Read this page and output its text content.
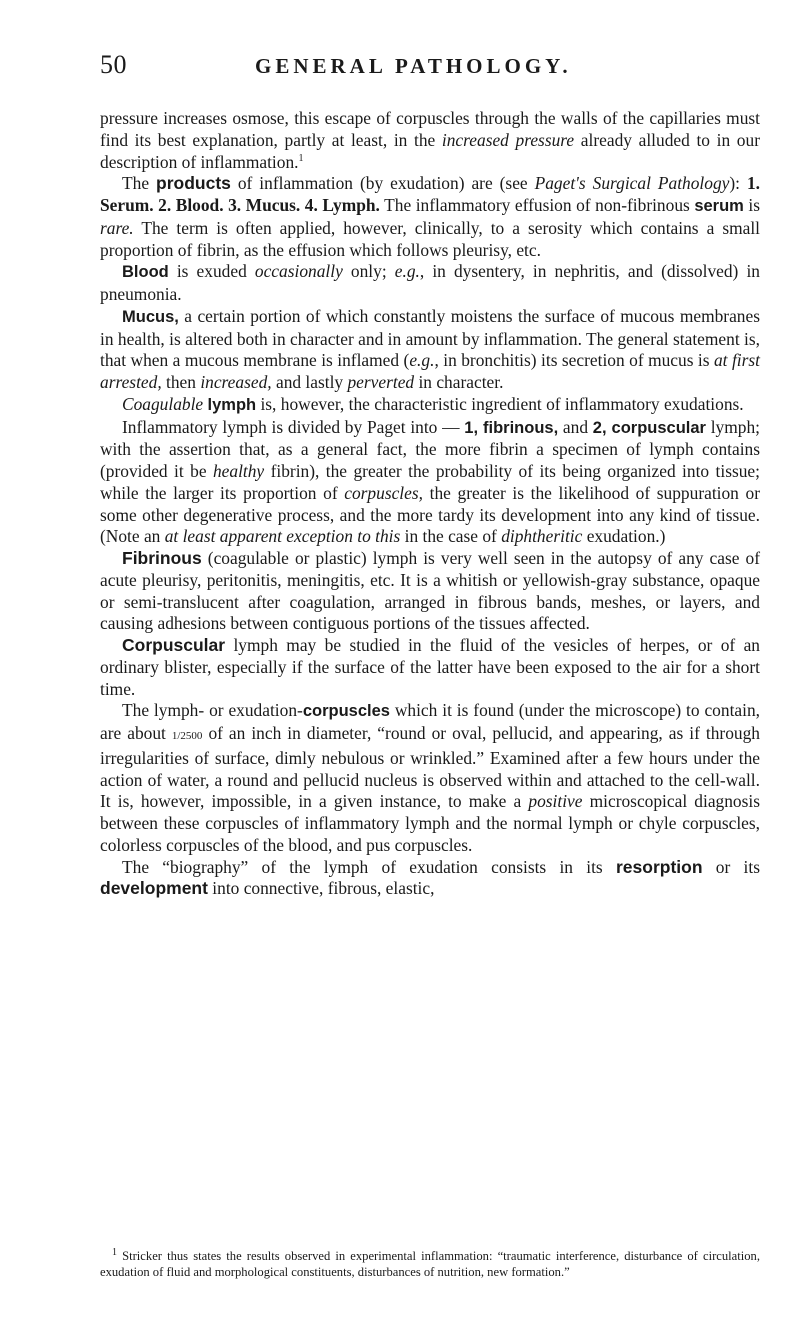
50	GENERAL PATHOLOGY.

pressure increases osmose, this escape of corpuscles through the walls of the capillaries must find its best explanation, partly at least, in the increased pressure already alluded to in our description of inflammation.$^1$

The products of inflammation (by exudation) are (see Paget's Surgical Pathology): 1. Serum. 2. Blood. 3. Mucus. 4. Lymph. The inflammatory effusion of non-fibrinous serum is rare. The term is often applied, however, clinically, to a serosity which contains a small proportion of fibrin, as the effusion which follows pleurisy, etc.

Blood is exuded occasionally only; e.g., in dysentery, in nephritis, and (dissolved) in pneumonia.

Mucus, a certain portion of which constantly moistens the surface of mucous membranes in health, is altered both in character and in amount by inflammation. The general statement is, that when a mucous membrane is inflamed (e.g., in bronchitis) its secretion of mucus is at first arrested, then increased, and lastly perverted in character.

Coagulable lymph is, however, the characteristic ingredient of inflammatory exudations.

Inflammatory lymph is divided by Paget into — 1, fibrinous, and 2, corpuscular lymph; with the assertion that, as a general fact, the more fibrin a specimen of lymph contains (provided it be healthy fibrin), the greater the probability of its being organized into tissue; while the larger its proportion of corpuscles, the greater is the likelihood of suppuration or some other degenerative process, and the more tardy its development into any kind of tissue. (Note an at least apparent exception to this in the case of diphtheritic exudation.)

Fibrinous (coagulable or plastic) lymph is very well seen in the autopsy of any case of acute pleurisy, peritonitis, meningitis, etc. It is a whitish or yellowish-gray substance, opaque or semi-translucent after coagulation, arranged in fibrous bands, meshes, or layers, and causing adhesions between contiguous portions of the tissues affected.

Corpuscular lymph may be studied in the fluid of the vesicles of herpes, or of an ordinary blister, especially if the surface of the latter have been exposed to the air for a short time.

The lymph- or exudation-corpuscles which it is found (under the microscope) to contain, are about 1/2500 of an inch in diameter, “round or oval, pellucid, and appearing, as if through irregularities of surface, dimly nebulous or wrinkled.” Examined after a few hours under the action of water, a round and pellucid nucleus is observed within and attached to the cell-wall. It is, however, impossible, in a given instance, to make a positive microscopical diagnosis between these corpuscles of inflammatory lymph and the normal lymph or chyle corpuscles, colorless corpuscles of the blood, and pus corpuscles.

The “biography” of the lymph of exudation consists in its resorption or its development into connective, fibrous, elastic,

$^1$ Stricker thus states the results observed in experimental inflammation: “traumatic interference, disturbance of circulation, exudation of fluid and morphological constituents, disturbances of nutrition, new formation.”
